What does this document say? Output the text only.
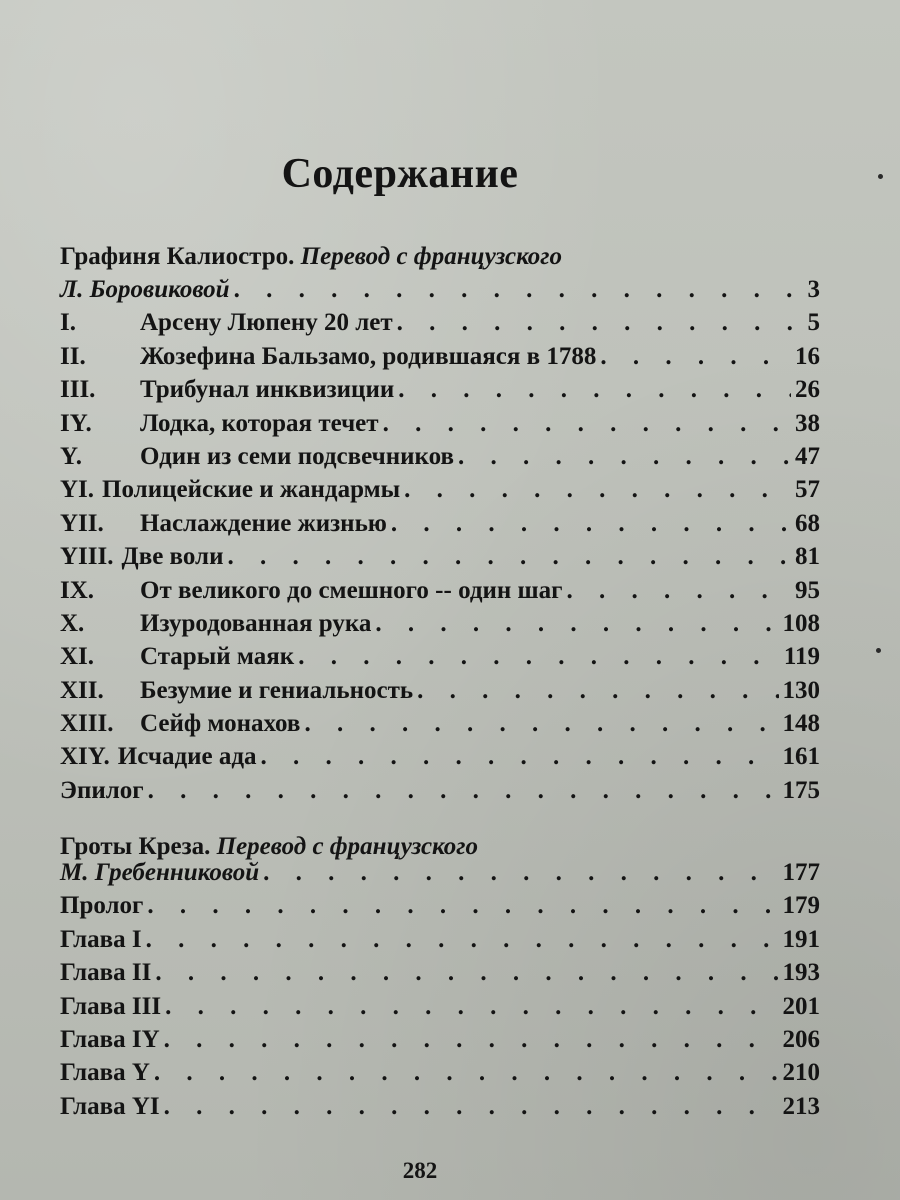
Содержание
Графиня Калиостро. Перевод с французского
Л. Боровиковой . . .	3
I.	Арсену Люпену 20 лет . . .	5
II.	Жозефина Бальзамо, родившаяся в 1788 . . .	16
III.	Трибунал инквизиции . . .	26
IY.	Лодка, которая течет . . .	38
Y.	Один из семи подсвечников . . .	47
YI. Полицейские и жандармы . . .	57
YII.	Наслаждение жизнью . . .	68
YIII. Две воли . . .	81
IX.	От великого до смешного -- один шаг . . .	95
X.	Изуродованная рука . . .	108
XI.	Старый маяк . . .	119
XII.	Безумие и гениальность . . .	130
XIII.	Сейф монахов . . .	148
XIY. Исчадие ада . . .	161
Эпилог . . .	175
Гроты Креза. Перевод с французского
М. Гребенниковой . . .	177
Пролог . . .	179
Глава I . . .	191
Глава II . . .	193
Глава III . . .	201
Глава IY . . .	206
Глава Y . . .	210
Глава YI . . .	213
282
